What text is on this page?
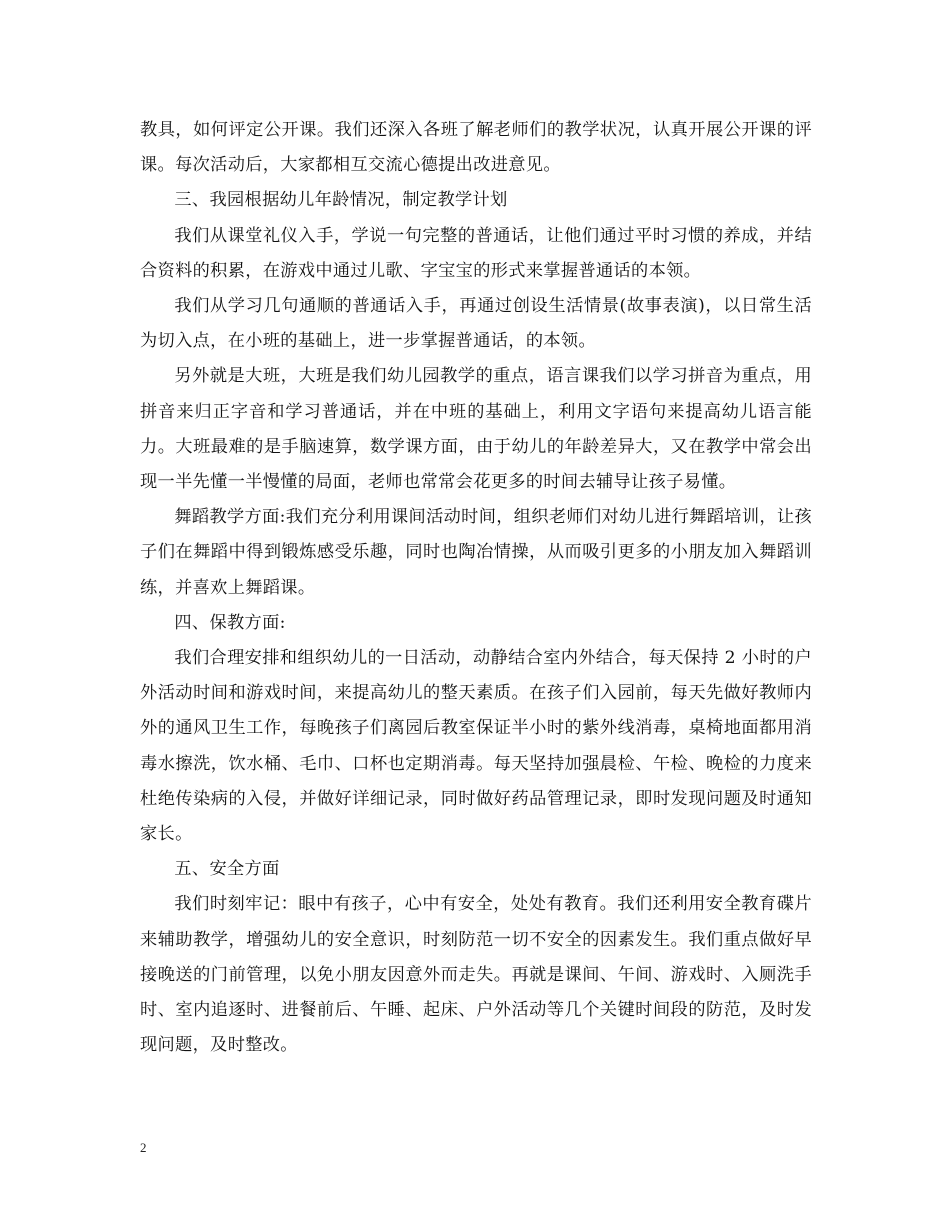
教具，如何评定公开课。我们还深入各班了解老师们的教学状况，认真开展公开课的评课。每次活动后，大家都相互交流心德提出改进意见。

三、我园根据幼儿年龄情况，制定教学计划

我们从课堂礼仪入手，学说一句完整的普通话，让他们通过平时习惯的养成，并结合资料的积累，在游戏中通过儿歌、字宝宝的形式来掌握普通话的本领。

我们从学习几句通顺的普通话入手，再通过创设生活情景(故事表演)，以日常生活为切入点，在小班的基础上，进一步掌握普通话，的本领。

另外就是大班，大班是我们幼儿园教学的重点，语言课我们以学习拼音为重点，用拼音来归正字音和学习普通话，并在中班的基础上，利用文字语句来提高幼儿语言能力。大班最难的是手脑速算，数学课方面，由于幼儿的年龄差异大，又在教学中常会出现一半先懂一半慢懂的局面，老师也常常会花更多的时间去辅导让孩子易懂。

舞蹈教学方面:我们充分利用课间活动时间，组织老师们对幼儿进行舞蹈培训，让孩子们在舞蹈中得到锻炼感受乐趣，同时也陶冶情操，从而吸引更多的小朋友加入舞蹈训练，并喜欢上舞蹈课。

四、保教方面:

我们合理安排和组织幼儿的一日活动，动静结合室内外结合，每天保持 2 小时的户外活动时间和游戏时间，来提高幼儿的整天素质。在孩子们入园前，每天先做好教师内外的通风卫生工作，每晚孩子们离园后教室保证半小时的紫外线消毒，桌椅地面都用消毒水擦洗，饮水桶、毛巾、口杯也定期消毒。每天坚持加强晨检、午检、晚检的力度来杜绝传染病的入侵，并做好详细记录，同时做好药品管理记录，即时发现问题及时通知家长。

五、安全方面

我们时刻牢记：眼中有孩子，心中有安全，处处有教育。我们还利用安全教育碟片来辅助教学，增强幼儿的安全意识，时刻防范一切不安全的因素发生。我们重点做好早接晚送的门前管理，以免小朋友因意外而走失。再就是课间、午间、游戏时、入厕洗手时、室内追逐时、进餐前后、午睡、起床、户外活动等几个关键时间段的防范，及时发现问题，及时整改。

2
